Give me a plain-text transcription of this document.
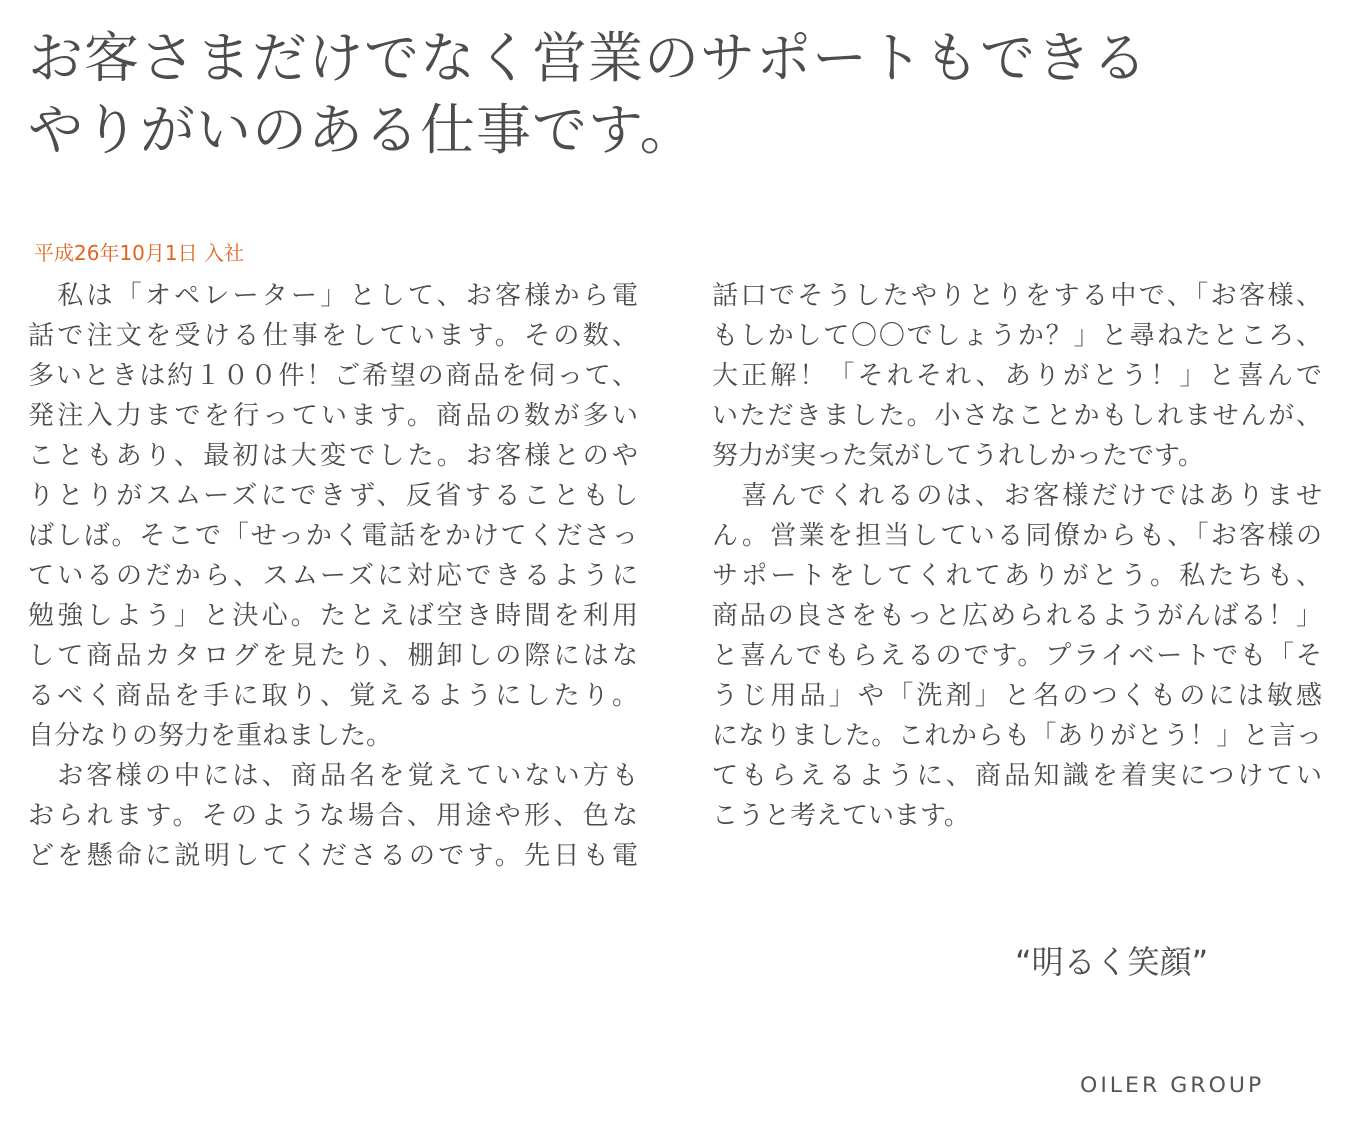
お客さまだけでなく営業のサポートもできる
やりがいのある仕事です。
平成26年10月1日 入社
　私は「オペレーター」として、お客様から電
話で注文を受ける仕事をしています。その数、
多いときは約１００件！ご希望の商品を伺って、
発注入力までを行っています。商品の数が多い
こともあり、最初は大変でした。お客様とのや
りとりがスムーズにできず、反省することもし
ばしば。そこで「せっかく電話をかけてくださっ
ているのだから、スムーズに対応できるように
勉強しよう」と決心。たとえば空き時間を利用
して商品カタログを見たり、棚卸しの際にはな
るべく商品を手に取り、覚えるようにしたり。
自分なりの努力を重ねました。
　お客様の中には、商品名を覚えていない方も
おられます。そのような場合、用途や形、色な
どを懸命に説明してくださるのです。先日も電
話口でそうしたやりとりをする中で、「お客様、
もしかして〇〇でしょうか？」と尋ねたところ、
大正解！「それそれ、ありがとう！」と喜んで
いただきました。小さなことかもしれませんが、
努力が実った気がしてうれしかったです。
　喜んでくれるのは、お客様だけではありませ
ん。営業を担当している同僚からも、「お客様の
サポートをしてくれてありがとう。私たちも、
商品の良さをもっと広められるようがんばる！」
と喜んでもらえるのです。プライベートでも「そ
うじ用品」や「洗剤」と名のつくものには敏感
になりました。これからも「ありがとう！」と言っ
てもらえるように、商品知識を着実につけてい
こうと考えています。
“明るく笑顔”
OILER GROUP
